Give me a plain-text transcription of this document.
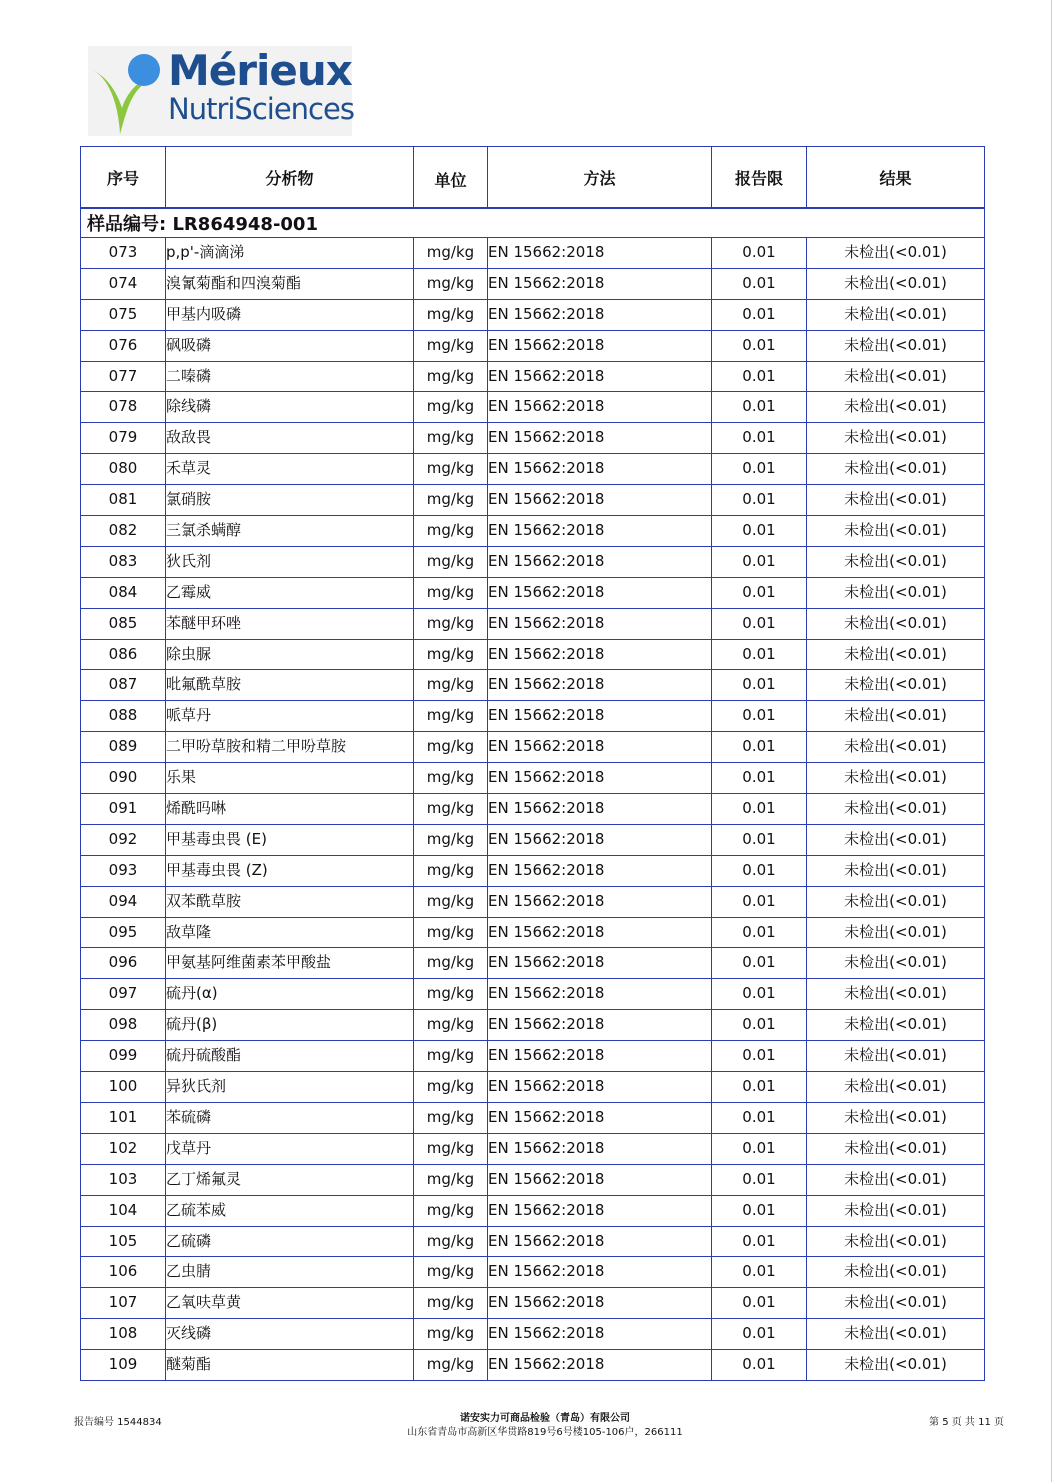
Mérieux
NutriSciences
序号	分析物	单位	方法	报告限	结果
样品编号: LR864948-001					
073	p,p'-滴滴涕	mg/kg	EN 15662:2018	0.01	未检出(<0.01)
074	溴氰菊酯和四溴菊酯	mg/kg	EN 15662:2018	0.01	未检出(<0.01)
075	甲基内吸磷	mg/kg	EN 15662:2018	0.01	未检出(<0.01)
076	砜吸磷	mg/kg	EN 15662:2018	0.01	未检出(<0.01)
077	二嗪磷	mg/kg	EN 15662:2018	0.01	未检出(<0.01)
078	除线磷	mg/kg	EN 15662:2018	0.01	未检出(<0.01)
079	敌敌畏	mg/kg	EN 15662:2018	0.01	未检出(<0.01)
080	禾草灵	mg/kg	EN 15662:2018	0.01	未检出(<0.01)
081	氯硝胺	mg/kg	EN 15662:2018	0.01	未检出(<0.01)
082	三氯杀螨醇	mg/kg	EN 15662:2018	0.01	未检出(<0.01)
083	狄氏剂	mg/kg	EN 15662:2018	0.01	未检出(<0.01)
084	乙霉威	mg/kg	EN 15662:2018	0.01	未检出(<0.01)
085	苯醚甲环唑	mg/kg	EN 15662:2018	0.01	未检出(<0.01)
086	除虫脲	mg/kg	EN 15662:2018	0.01	未检出(<0.01)
087	吡氟酰草胺	mg/kg	EN 15662:2018	0.01	未检出(<0.01)
088	哌草丹	mg/kg	EN 15662:2018	0.01	未检出(<0.01)
089	二甲吩草胺和精二甲吩草胺	mg/kg	EN 15662:2018	0.01	未检出(<0.01)
090	乐果	mg/kg	EN 15662:2018	0.01	未检出(<0.01)
091	烯酰吗啉	mg/kg	EN 15662:2018	0.01	未检出(<0.01)
092	甲基毒虫畏 (E)	mg/kg	EN 15662:2018	0.01	未检出(<0.01)
093	甲基毒虫畏 (Z)	mg/kg	EN 15662:2018	0.01	未检出(<0.01)
094	双苯酰草胺	mg/kg	EN 15662:2018	0.01	未检出(<0.01)
095	敌草隆	mg/kg	EN 15662:2018	0.01	未检出(<0.01)
096	甲氨基阿维菌素苯甲酸盐	mg/kg	EN 15662:2018	0.01	未检出(<0.01)
097	硫丹(α)	mg/kg	EN 15662:2018	0.01	未检出(<0.01)
098	硫丹(β)	mg/kg	EN 15662:2018	0.01	未检出(<0.01)
099	硫丹硫酸酯	mg/kg	EN 15662:2018	0.01	未检出(<0.01)
100	异狄氏剂	mg/kg	EN 15662:2018	0.01	未检出(<0.01)
101	苯硫磷	mg/kg	EN 15662:2018	0.01	未检出(<0.01)
102	戊草丹	mg/kg	EN 15662:2018	0.01	未检出(<0.01)
103	乙丁烯氟灵	mg/kg	EN 15662:2018	0.01	未检出(<0.01)
104	乙硫苯威	mg/kg	EN 15662:2018	0.01	未检出(<0.01)
105	乙硫磷	mg/kg	EN 15662:2018	0.01	未检出(<0.01)
106	乙虫腈	mg/kg	EN 15662:2018	0.01	未检出(<0.01)
107	乙氧呋草黄	mg/kg	EN 15662:2018	0.01	未检出(<0.01)
108	灭线磷	mg/kg	EN 15662:2018	0.01	未检出(<0.01)
109	醚菊酯	mg/kg	EN 15662:2018	0.01	未检出(<0.01)
报告编号 1544834	诺安实力可商品检验（青岛）有限公司
山东省青岛市高新区华贯路819号6号楼105-106户，266111
第 5 页 共 11 页
